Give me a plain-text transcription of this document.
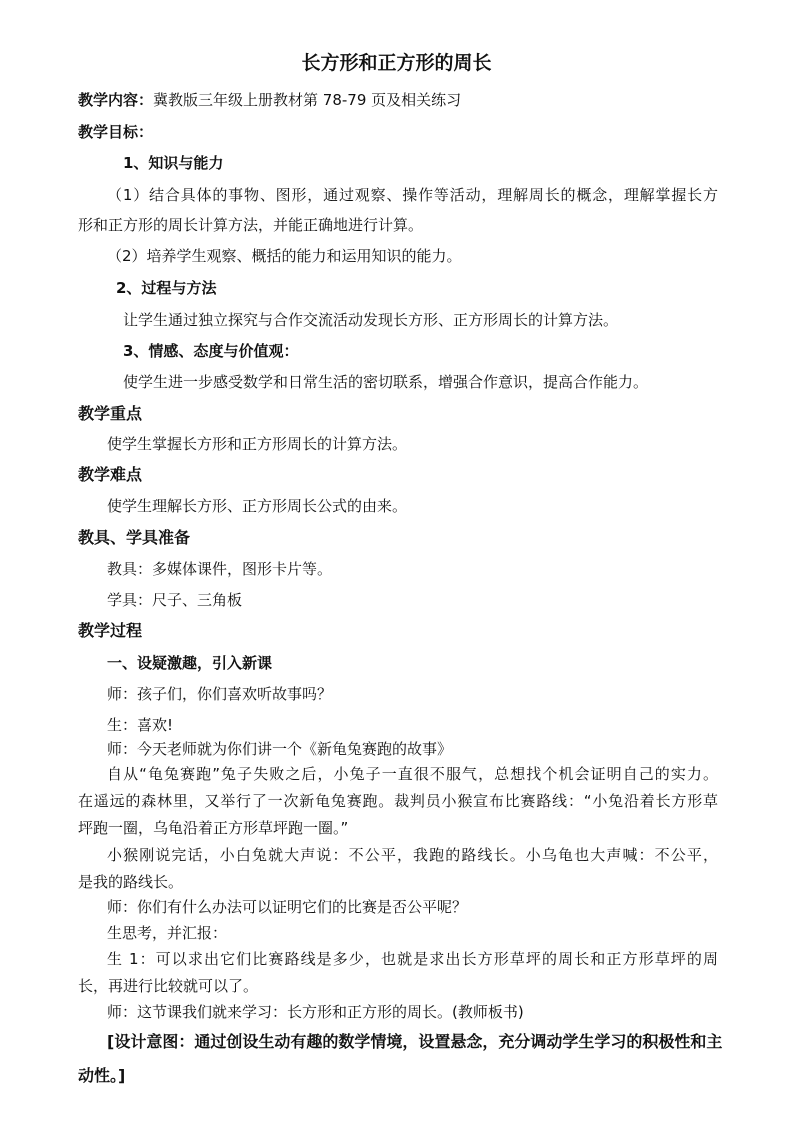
长方形和正方形的周长
教学内容：冀教版三年级上册教材第 78-79 页及相关练习
教学目标：
1、知识与能力
（1）结合具体的事物、图形，通过观察、操作等活动，理解周长的概念，理解掌握长方
形和正方形的周长计算方法，并能正确地进行计算。
（2）培养学生观察、概括的能力和运用知识的能力。
2、过程与方法
让学生通过独立探究与合作交流活动发现长方形、正方形周长的计算方法。
3、情感、态度与价值观：
使学生进一步感受数学和日常生活的密切联系，增强合作意识，提高合作能力。
教学重点
使学生掌握长方形和正方形周长的计算方法。
教学难点
使学生理解长方形、正方形周长公式的由来。
教具、学具准备
教具：多媒体课件，图形卡片等。
学具：尺子、三角板
教学过程
一、设疑激趣，引入新课
师：孩子们，你们喜欢听故事吗？
生：喜欢!
师：今天老师就为你们讲一个《新龟兔赛跑的故事》
自从“龟兔赛跑”兔子失败之后，小兔子一直很不服气，总想找个机会证明自己的实力。
在遥远的森林里，又举行了一次新龟兔赛跑。裁判员小猴宣布比赛路线：“小兔沿着长方形草
坪跑一圈，乌龟沿着正方形草坪跑一圈。”
小猴刚说完话，小白兔就大声说：不公平，我跑的路线长。小乌龟也大声喊：不公平，
是我的路线长。
师：你们有什么办法可以证明它们的比赛是否公平呢？
生思考，并汇报：
生 1：可以求出它们比赛路线是多少，也就是求出长方形草坪的周长和正方形草坪的周
长，再进行比较就可以了。
师：这节课我们就来学习：长方形和正方形的周长。(教师板书)
[设计意图：通过创设生动有趣的数学情境，设置悬念，充分调动学生学习的积极性和主
动性。]
